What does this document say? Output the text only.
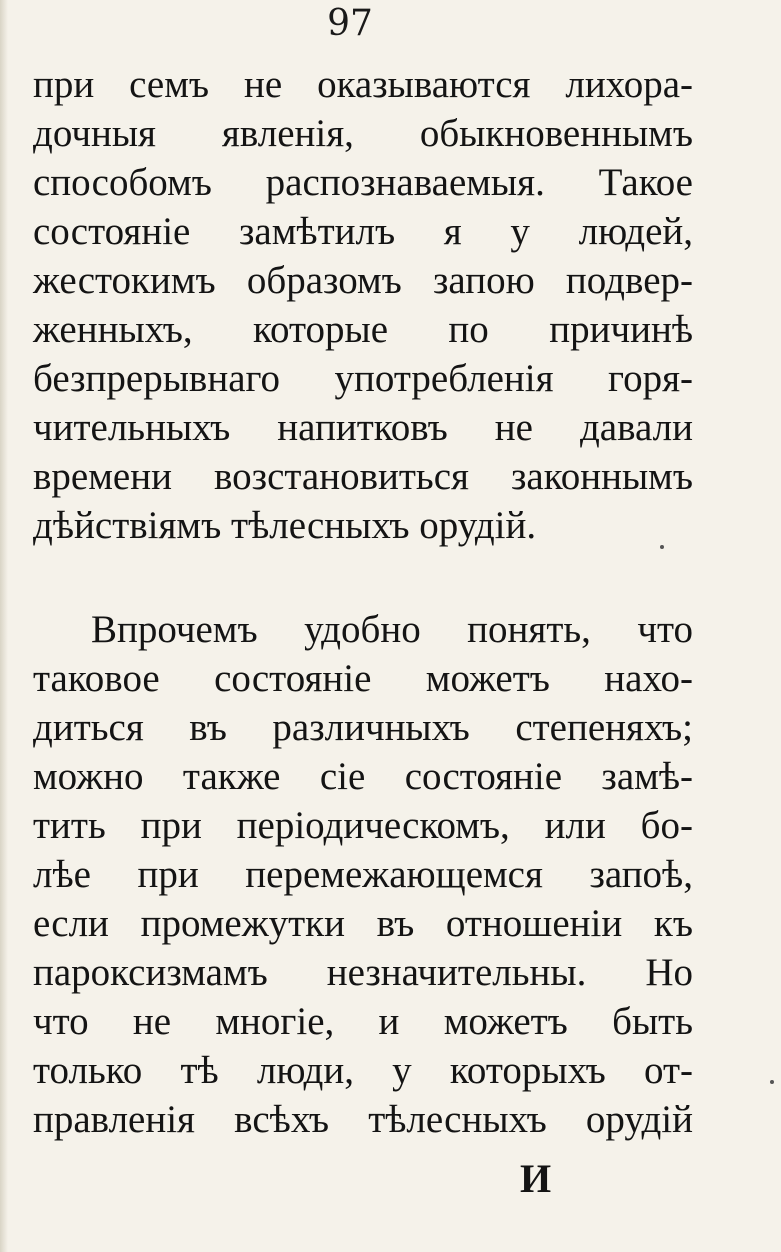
97
при семъ не оказываются лихора-
дочныя явленія, обыкновеннымъ
способомъ распознаваемыя. Такое
состояніе замѣтилъ я у людей,
жестокимъ образомъ запою подвер-
женныхъ, которые по причинѣ
безпрерывнаго употребленія горя-
чительныхъ напитковъ не давали
времени возстановиться законнымъ
дѣйствіямъ тѣлесныхъ орудій.
Впрочемъ удобно понять, что
таковое состояніе можетъ нахо-
диться въ различныхъ степеняхъ;
можно также сіе состояніе замѣ-
тить при періодическомъ, или бо-
лѣе при перемежающемся запоѣ,
если промежутки въ отношеніи къ
пароксизмамъ незначительны. Но
что не многіе, и можетъ быть
только тѣ люди, у которыхъ от-
правленія всѣхъ тѣлесныхъ орудій
И
